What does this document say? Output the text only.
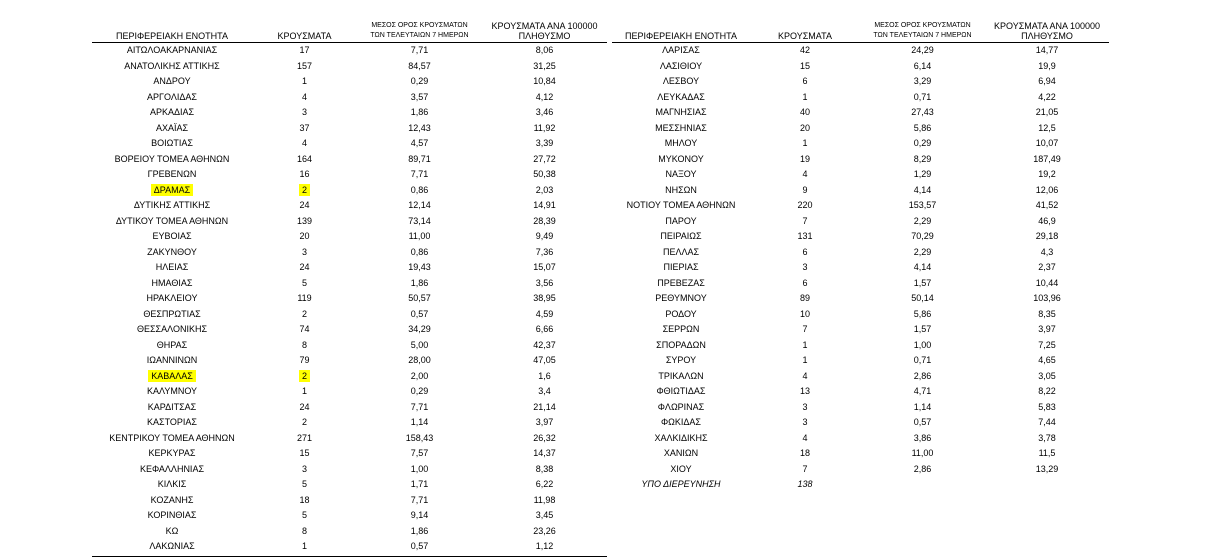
ΠΕΡΙΦΕΡΕΙΑΚΗ ΕΝΟΤΗΤΑ	ΚΡΟΥΣΜΑΤΑ	ΜΕΣΟΣ ΟΡΟΣ ΚΡΟΥΣΜΑΤΩΝ
ΤΩΝ ΤΕΛΕΥΤΑΙΩΝ 7 ΗΜΕΡΩΝ	ΚΡΟΥΣΜΑΤΑ ΑΝΑ 100000
ΠΛΗΘΥΣΜΟ
ΑΙΤΩΛΟΑΚΑΡΝΑΝΙΑΣ	17	7,71	8,06
ΑΝΑΤΟΛΙΚΗΣ ΑΤΤΙΚΗΣ	157	84,57	31,25
ΑΝΔΡΟΥ	1	0,29	10,84
ΑΡΓΟΛΙΔΑΣ	4	3,57	4,12
ΑΡΚΑΔΙΑΣ	3	1,86	3,46
ΑΧΑΪΑΣ	37	12,43	11,92
ΒΟΙΩΤΙΑΣ	4	4,57	3,39
ΒΟΡΕΙΟΥ ΤΟΜΕΑ ΑΘΗΝΩΝ	164	89,71	27,72
ΓΡΕΒΕΝΩΝ	16	7,71	50,38
ΔΡΑΜΑΣ	2	0,86	2,03
ΔΥΤΙΚΗΣ ΑΤΤΙΚΗΣ	24	12,14	14,91
ΔΥΤΙΚΟΥ ΤΟΜΕΑ ΑΘΗΝΩΝ	139	73,14	28,39
ΕΥΒΟΙΑΣ	20	11,00	9,49
ΖΑΚΥΝΘΟΥ	3	0,86	7,36
ΗΛΕΙΑΣ	24	19,43	15,07
ΗΜΑΘΙΑΣ	5	1,86	3,56
ΗΡΑΚΛΕΙΟΥ	119	50,57	38,95
ΘΕΣΠΡΩΤΙΑΣ	2	0,57	4,59
ΘΕΣΣΑΛΟΝΙΚΗΣ	74	34,29	6,66
ΘΗΡΑΣ	8	5,00	42,37
ΙΩΑΝΝΙΝΩΝ	79	28,00	47,05
ΚΑΒΑΛΑΣ	2	2,00	1,6
ΚΑΛΥΜΝΟΥ	1	0,29	3,4
ΚΑΡΔΙΤΣΑΣ	24	7,71	21,14
ΚΑΣΤΟΡΙΑΣ	2	1,14	3,97
ΚΕΝΤΡΙΚΟΥ ΤΟΜΕΑ ΑΘΗΝΩΝ	271	158,43	26,32
ΚΕΡΚΥΡΑΣ	15	7,57	14,37
ΚΕΦΑΛΛΗΝΙΑΣ	3	1,00	8,38
ΚΙΛΚΙΣ	5	1,71	6,22
ΚΟΖΑΝΗΣ	18	7,71	11,98
ΚΟΡΙΝΘΙΑΣ	5	9,14	3,45
ΚΩ	8	1,86	23,26
ΛΑΚΩΝΙΑΣ	1	0,57	1,12
ΠΕΡΙΦΕΡΕΙΑΚΗ ΕΝΟΤΗΤΑ	ΚΡΟΥΣΜΑΤΑ	ΜΕΣΟΣ ΟΡΟΣ ΚΡΟΥΣΜΑΤΩΝ
ΤΩΝ ΤΕΛΕΥΤΑΙΩΝ 7 ΗΜΕΡΩΝ	ΚΡΟΥΣΜΑΤΑ ΑΝΑ 100000
ΠΛΗΘΥΣΜΟ
ΛΑΡΙΣΑΣ	42	24,29	14,77
ΛΑΣΙΘΙΟΥ	15	6,14	19,9
ΛΕΣΒΟΥ	6	3,29	6,94
ΛΕΥΚΑΔΑΣ	1	0,71	4,22
ΜΑΓΝΗΣΙΑΣ	40	27,43	21,05
ΜΕΣΣΗΝΙΑΣ	20	5,86	12,5
ΜΗΛΟΥ	1	0,29	10,07
ΜΥΚΟΝΟΥ	19	8,29	187,49
ΝΑΞΟΥ	4	1,29	19,2
ΝΗΣΩΝ	9	4,14	12,06
ΝΟΤΙΟΥ ΤΟΜΕΑ ΑΘΗΝΩΝ	220	153,57	41,52
ΠΑΡΟΥ	7	2,29	46,9
ΠΕΙΡΑΙΩΣ	131	70,29	29,18
ΠΕΛΛΑΣ	6	2,29	4,3
ΠΙΕΡΙΑΣ	3	4,14	2,37
ΠΡΕΒΕΖΑΣ	6	1,57	10,44
ΡΕΘΥΜΝΟΥ	89	50,14	103,96
ΡΟΔΟΥ	10	5,86	8,35
ΣΕΡΡΩΝ	7	1,57	3,97
ΣΠΟΡΑΔΩΝ	1	1,00	7,25
ΣΥΡΟΥ	1	0,71	4,65
ΤΡΙΚΑΛΩΝ	4	2,86	3,05
ΦΘΙΩΤΙΔΑΣ	13	4,71	8,22
ΦΛΩΡΙΝΑΣ	3	1,14	5,83
ΦΩΚΙΔΑΣ	3	0,57	7,44
ΧΑΛΚΙΔΙΚΗΣ	4	3,86	3,78
ΧΑΝΙΩΝ	18	11,00	11,5
ΧΙΟΥ	7	2,86	13,29
ΥΠΟ ΔΙΕΡΕΥΝΗΣΗ	138		
